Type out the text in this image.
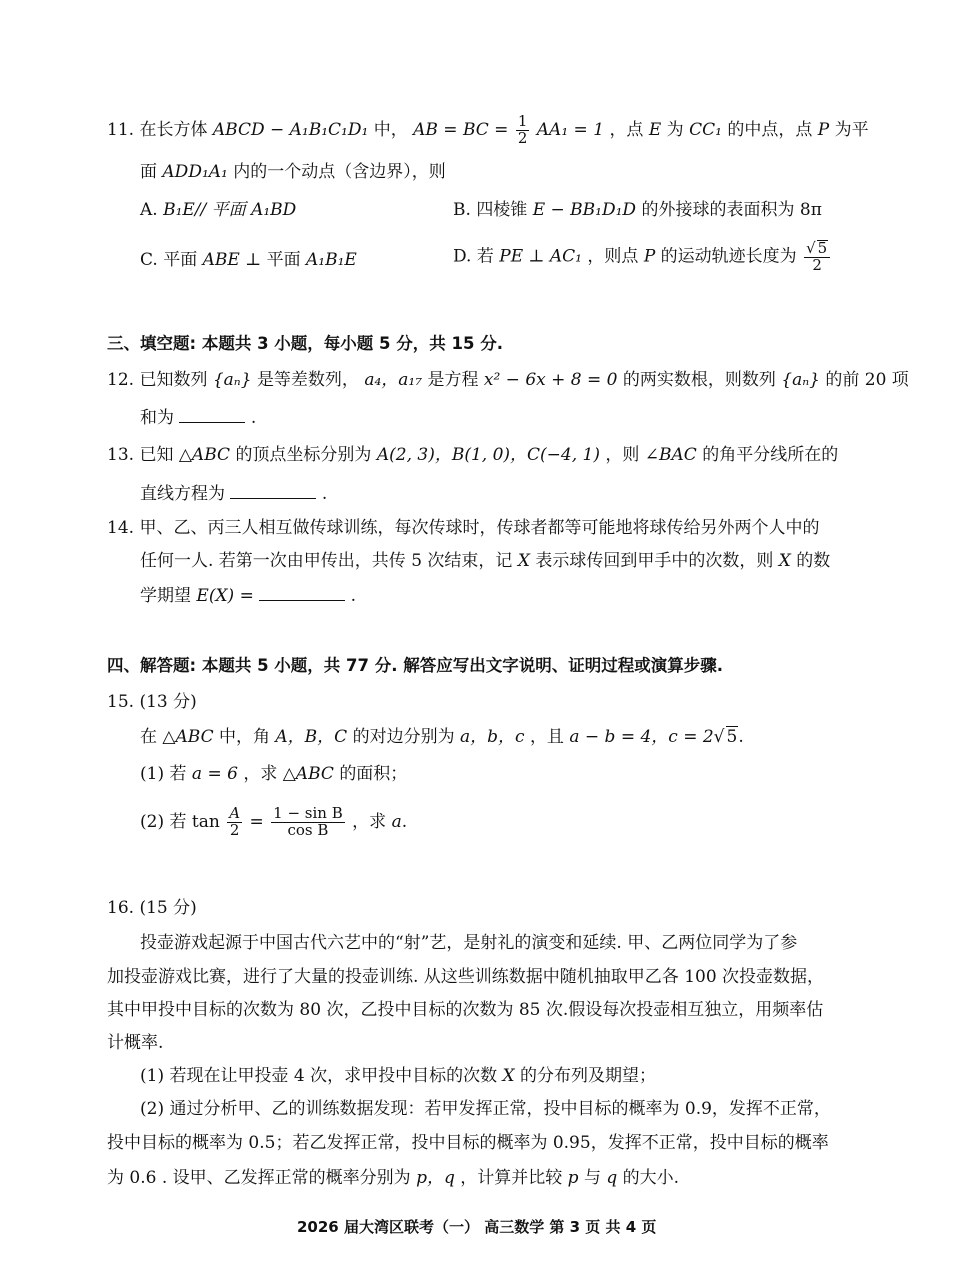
11. 在长方体 ABCD − A₁B₁C₁D₁ 中， AB = BC = $\frac{1}{2} AA_1 = 1$ ，点 E 为 CC₁ 的中点，点 P 为平
面 ADD₁A₁ 内的一个动点（含边界），则
A. B₁E// 平面 A₁BD	B. 四棱锥 E − BB₁D₁D 的外接球的表面积为 8π
C. 平面 ABE ⊥ 平面 A₁B₁E	D. 若 PE ⊥ AC₁ ，则点 P 的运动轨迹长度为 $\frac{√ 5}{2}$
三、填空题: 本题共 3 小题，每小题 5 分，共 15 分.
12. 已知数列 {aₙ} 是等差数列， a₄，a₁₇ 是方程 x² − 6x + 8 = 0 的两实数根，则数列 {aₙ} 的前 20 项
和为	.
13. 已知 △ABC 的顶点坐标分别为 A(2, 3)，B(1, 0)，C(−4, 1) ，则 ∠BAC 的角平分线所在的
直线方程为	.
14. 甲、乙、丙三人相互做传球训练，每次传球时，传球者都等可能地将球传给另外两个人中的
任何一人. 若第一次由甲传出，共传 5 次结束，记 X 表示球传回到甲手中的次数，则 X 的数
学期望 E(X) =	.
四、解答题: 本题共 5 小题，共 77 分. 解答应写出文字说明、证明过程或演算步骤.
15. (13 分)
在 △ABC 中，角 A，B，C 的对边分别为 a，b，c ，且 a − b = 4，c = 2√ 5.
(1) 若 a = 6 ，求 △ABC 的面积；
(2) 若 $\tan \frac{A}{2} = \frac{\text{1 − sin B}}{\text{cos B}}$ ，求 a.
16. (15 分)
投壶游戏起源于中国古代六艺中的“射”艺，是射礼的演变和延续. 甲、乙两位同学为了参
加投壶游戏比赛，进行了大量的投壶训练. 从这些训练数据中随机抽取甲乙各 100 次投壶数据，
其中甲投中目标的次数为 80 次，乙投中目标的次数为 85 次.假设每次投壶相互独立，用频率估
计概率.
(1) 若现在让甲投壶 4 次，求甲投中目标的次数 X 的分布列及期望；
(2) 通过分析甲、乙的训练数据发现：若甲发挥正常，投中目标的概率为 0.9，发挥不正常，
投中目标的概率为 0.5；若乙发挥正常，投中目标的概率为 0.95，发挥不正常，投中目标的概率
为 0.6 . 设甲、乙发挥正常的概率分别为 p，q ，计算并比较 p 与 q 的大小.
2026 届大湾区联考（一） 高三数学 第 3 页 共 4 页
